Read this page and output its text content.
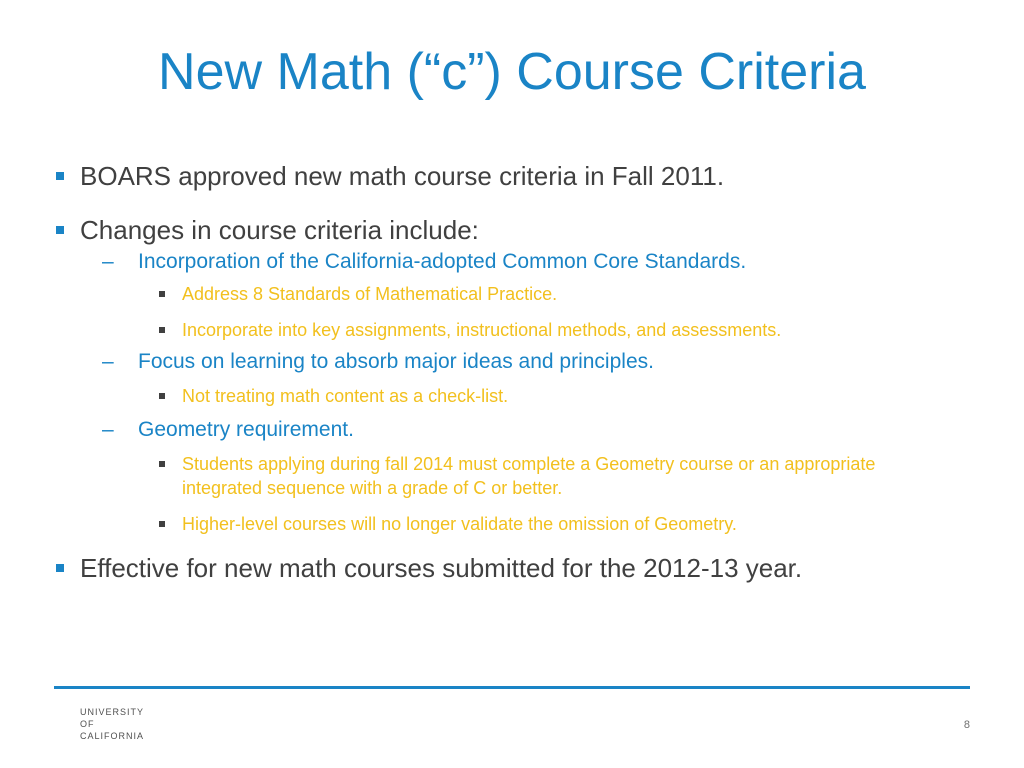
New Math (“c”) Course Criteria
BOARS approved new math course criteria in Fall 2011.
Changes in course criteria include:
– Incorporation of the California-adopted Common Core Standards.
Address 8 Standards of Mathematical Practice.
Incorporate into key assignments, instructional methods, and assessments.
– Focus on learning to absorb major ideas and principles.
Not treating math content as a check-list.
– Geometry requirement.
Students applying during fall 2014 must complete a Geometry course or an appropriate integrated sequence with a grade of C or better.
Higher-level courses will no longer validate the omission of Geometry.
Effective for new math courses submitted for the 2012-13 year.
UNIVERSITY
OF
CALIFORNIA
8
